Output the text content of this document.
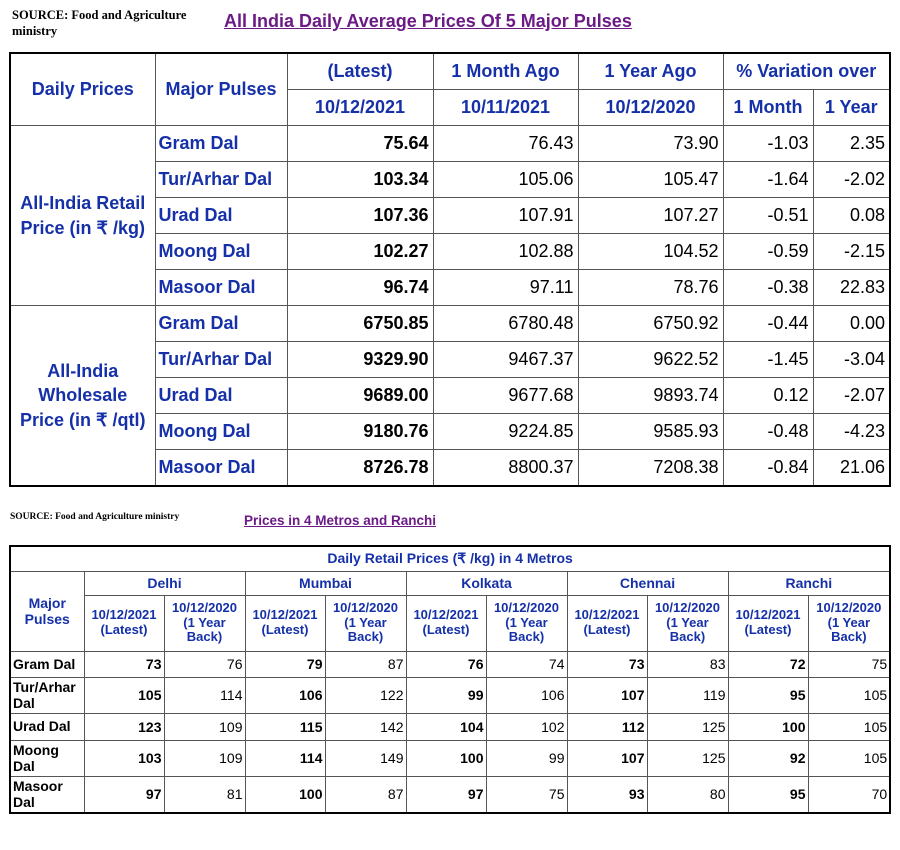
SOURCE: Food and Agriculture ministry	All India Daily Average Prices Of 5 Major Pulses
Daily Prices	Major Pulses	(Latest)	1 Month Ago	1 Year Ago	% Variation over	
		10/12/2021	10/11/2021	10/12/2020	1 Month	1 Year
All-India Retail Price (in ₹ /kg)	Gram Dal	75.64	76.43	73.90	-1.03	2.35
	Tur/Arhar Dal	103.34	105.06	105.47	-1.64	-2.02
	Urad Dal	107.36	107.91	107.27	-0.51	0.08
	Moong Dal	102.27	102.88	104.52	-0.59	-2.15
	Masoor Dal	96.74	97.11	78.76	-0.38	22.83
All-India Wholesale Price (in ₹ /qtl)	Gram Dal	6750.85	6780.48	6750.92	-0.44	0.00
	Tur/Arhar Dal	9329.90	9467.37	9622.52	-1.45	-3.04
	Urad Dal	9689.00	9677.68	9893.74	0.12	-2.07
	Moong Dal	9180.76	9224.85	9585.93	-0.48	-4.23
	Masoor Dal	8726.78	8800.37	7208.38	-0.84	21.06
SOURCE: Food and Agriculture ministry	Prices in 4 Metros and Ranchi
Daily Retail Prices (₹ /kg) in 4 Metros										
Major Pulses	Delhi		Mumbai		Kolkata		Chennai		Ranchi	
	10/12/2021 (Latest)	10/12/2020 (1 Year Back)	10/12/2021 (Latest)	10/12/2020 (1 Year Back)	10/12/2021 (Latest)	10/12/2020 (1 Year Back)	10/12/2021 (Latest)	10/12/2020 (1 Year Back)	10/12/2021 (Latest)	10/12/2020 (1 Year Back)
Gram Dal	73	76	79	87	76	74	73	83	72	75
Tur/Arhar Dal	105	114	106	122	99	106	107	119	95	105
Urad Dal	123	109	115	142	104	102	112	125	100	105
Moong Dal	103	109	114	149	100	99	107	125	92	105
Masoor Dal	97	81	100	87	97	75	93	80	95	70
